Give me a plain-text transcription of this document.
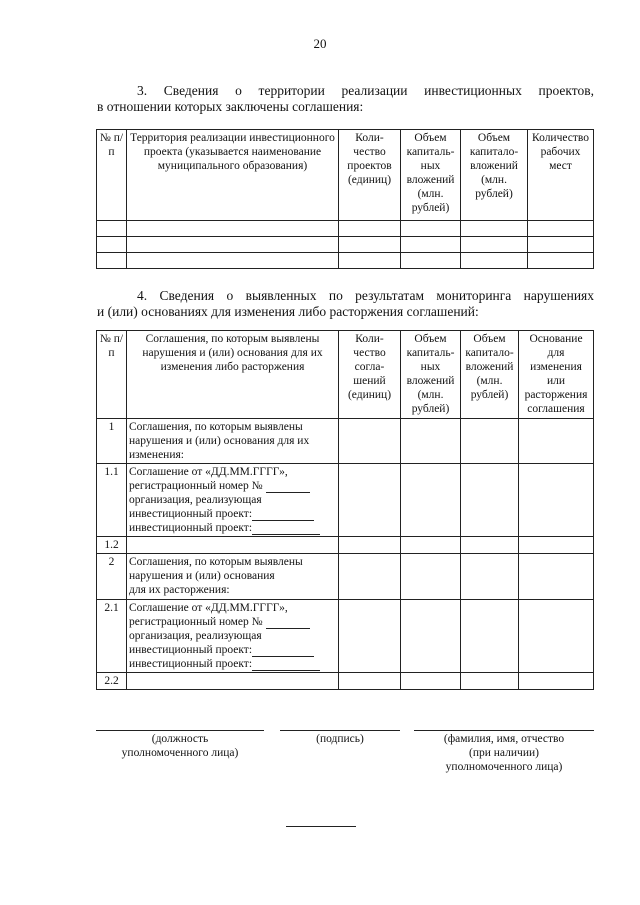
20
3. Сведения о территории реализации инвестиционных проектов,
в отношении которых заключены соглашения:
№ п/п	Территория реализации инвестиционного проекта (указывается наименование муниципального образования)	Коли-чество проектов (единиц)	Объем капиталь-ных вложений (млн. рублей)	Объем капитало-вложений (млн. рублей)	Количество рабочих мест

4. Сведения о выявленных по результатам мониторинга нарушениях
и (или) основаниях для изменения либо расторжения соглашений:
№ п/п	Соглашения, по которым выявлены нарушения и (или) основания для их изменения либо расторжения	Коли-чество согла-шений (единиц)	Объем капиталь-ных вложений (млн. рублей)	Объем капитало-вложений (млн. рублей)	Основание для изменения или расторжения соглашения
1	Соглашения, по которым выявлены нарушения и (или) основания для их изменения:				
1.1	Соглашение от «ДД.ММ.ГГГГ»,
регистрационный номер №
организация, реализующая
инвестиционный проект:
инвестиционный проект:				

1.2					
2	Соглашения, по которым выявлены
нарушения и (или) основания
для их расторжения:				

2.1	Соглашение от «ДД.ММ.ГГГГ»,
регистрационный номер №
организация, реализующая
инвестиционный проект:
инвестиционный проект:				

2.2					
(должность
уполномоченного лица)
(подпись)	(фамилия, имя, отчество
(при наличии)
уполномоченного лица)
